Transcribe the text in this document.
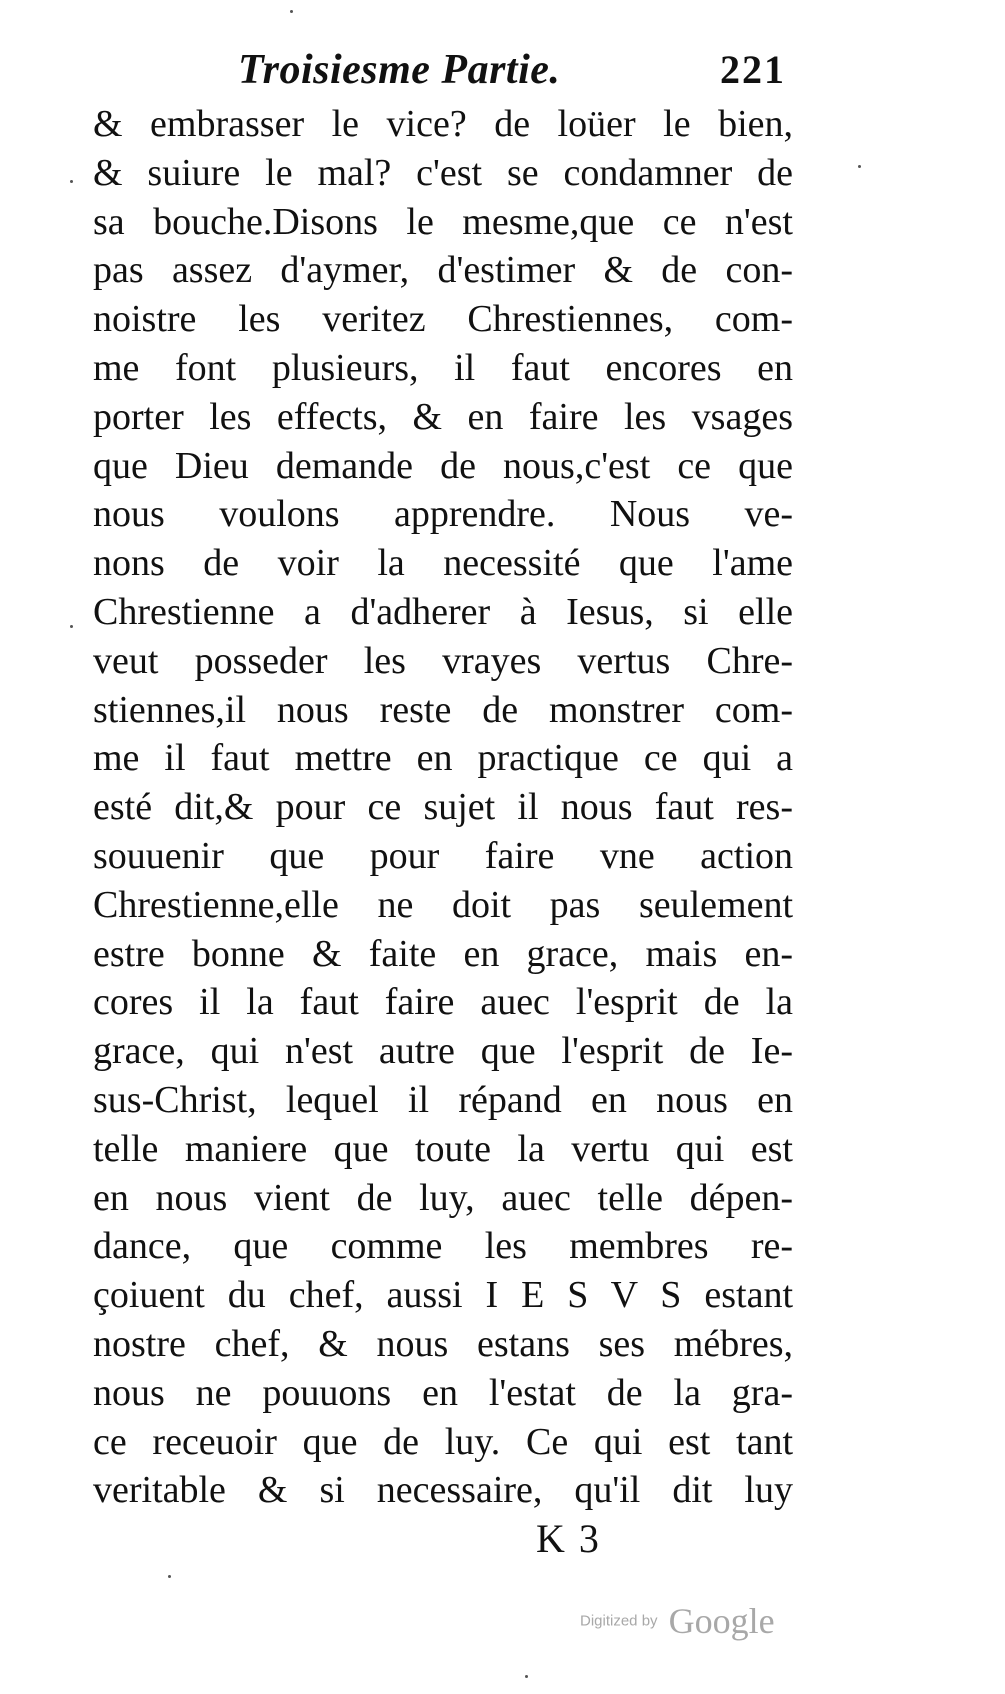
Troisiesme Partie.	221
& embrasser le vice? de loüer le bien,
& suiure le mal? c'est se condamner de
sa bouche.Disons le mesme,que ce n'est
pas assez d'aymer, d'estimer & de con-
noistre les veritez Chrestiennes, com-
me font plusieurs, il faut encores en
porter les effects, & en faire les vsages
que Dieu demande de nous,c'est ce que
nous voulons apprendre. Nous ve-
nons de voir la necessité que l'ame
Chrestienne a d'adherer à Iesus, si elle
veut posseder les vrayes vertus Chre-
stiennes,il nous reste de monstrer com-
me il faut mettre en practique ce qui a
esté dit,& pour ce sujet il nous faut res-
souuenir que pour faire vne action
Chrestienne,elle ne doit pas seulement
estre bonne & faite en grace, mais en-
cores il la faut faire auec l'esprit de la
grace, qui n'est autre que l'esprit de Ie-
sus-Christ, lequel il répand en nous en
telle maniere que toute la vertu qui est
en nous vient de luy, auec telle dépen-
dance, que comme les membres re-
çoiuent du chef, aussi I E S V S estant
nostre chef, & nous estans ses mébres,
nous ne pouuons en l'estat de la gra-
ce receuoir que de luy. Ce qui est tant
veritable & si necessaire, qu'il dit luy
K 3
Digitized by Google
